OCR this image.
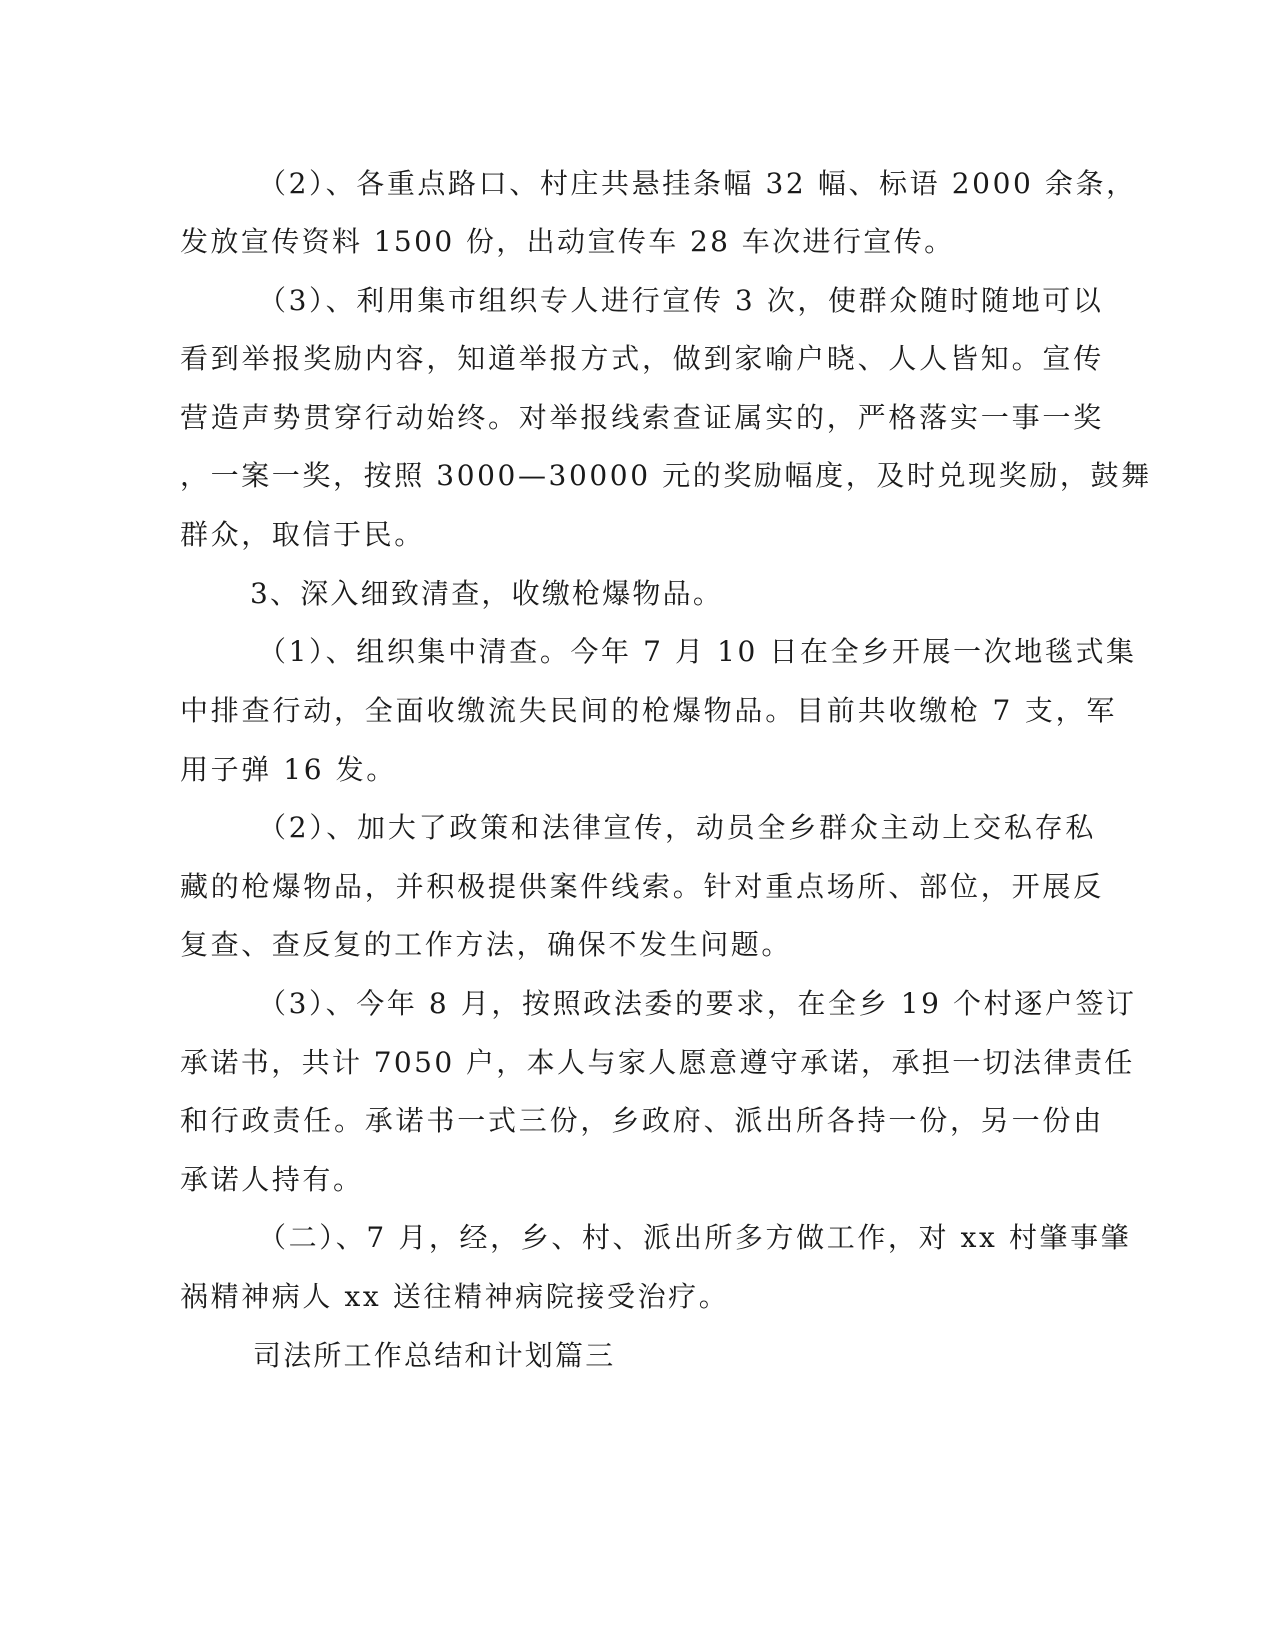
（2）、各重点路口、村庄共悬挂条幅 32 幅、标语 2000 余条，

发放宣传资料 1500 份，出动宣传车 28 车次进行宣传。

（3）、利用集市组织专人进行宣传 3 次，使群众随时随地可以

看到举报奖励内容，知道举报方式，做到家喻户晓、人人皆知。宣传

营造声势贯穿行动始终。对举报线索查证属实的，严格落实一事一奖

，一案一奖，按照 3000—30000 元的奖励幅度，及时兑现奖励，鼓舞

群众，取信于民。

3、深入细致清查，收缴枪爆物品。

（1）、组织集中清查。今年 7 月 10 日在全乡开展一次地毯式集

中排查行动，全面收缴流失民间的枪爆物品。目前共收缴枪 7 支，军

用子弹 16 发。

（2）、加大了政策和法律宣传，动员全乡群众主动上交私存私

藏的枪爆物品，并积极提供案件线索。针对重点场所、部位，开展反

复查、查反复的工作方法，确保不发生问题。

（3）、今年 8 月，按照政法委的要求，在全乡 19 个村逐户签订

承诺书，共计 7050 户，本人与家人愿意遵守承诺，承担一切法律责任

和行政责任。承诺书一式三份，乡政府、派出所各持一份，另一份由

承诺人持有。

（二）、7 月，经，乡、村、派出所多方做工作，对 xx 村肇事肇

祸精神病人 xx 送往精神病院接受治疗。

司法所工作总结和计划篇三
